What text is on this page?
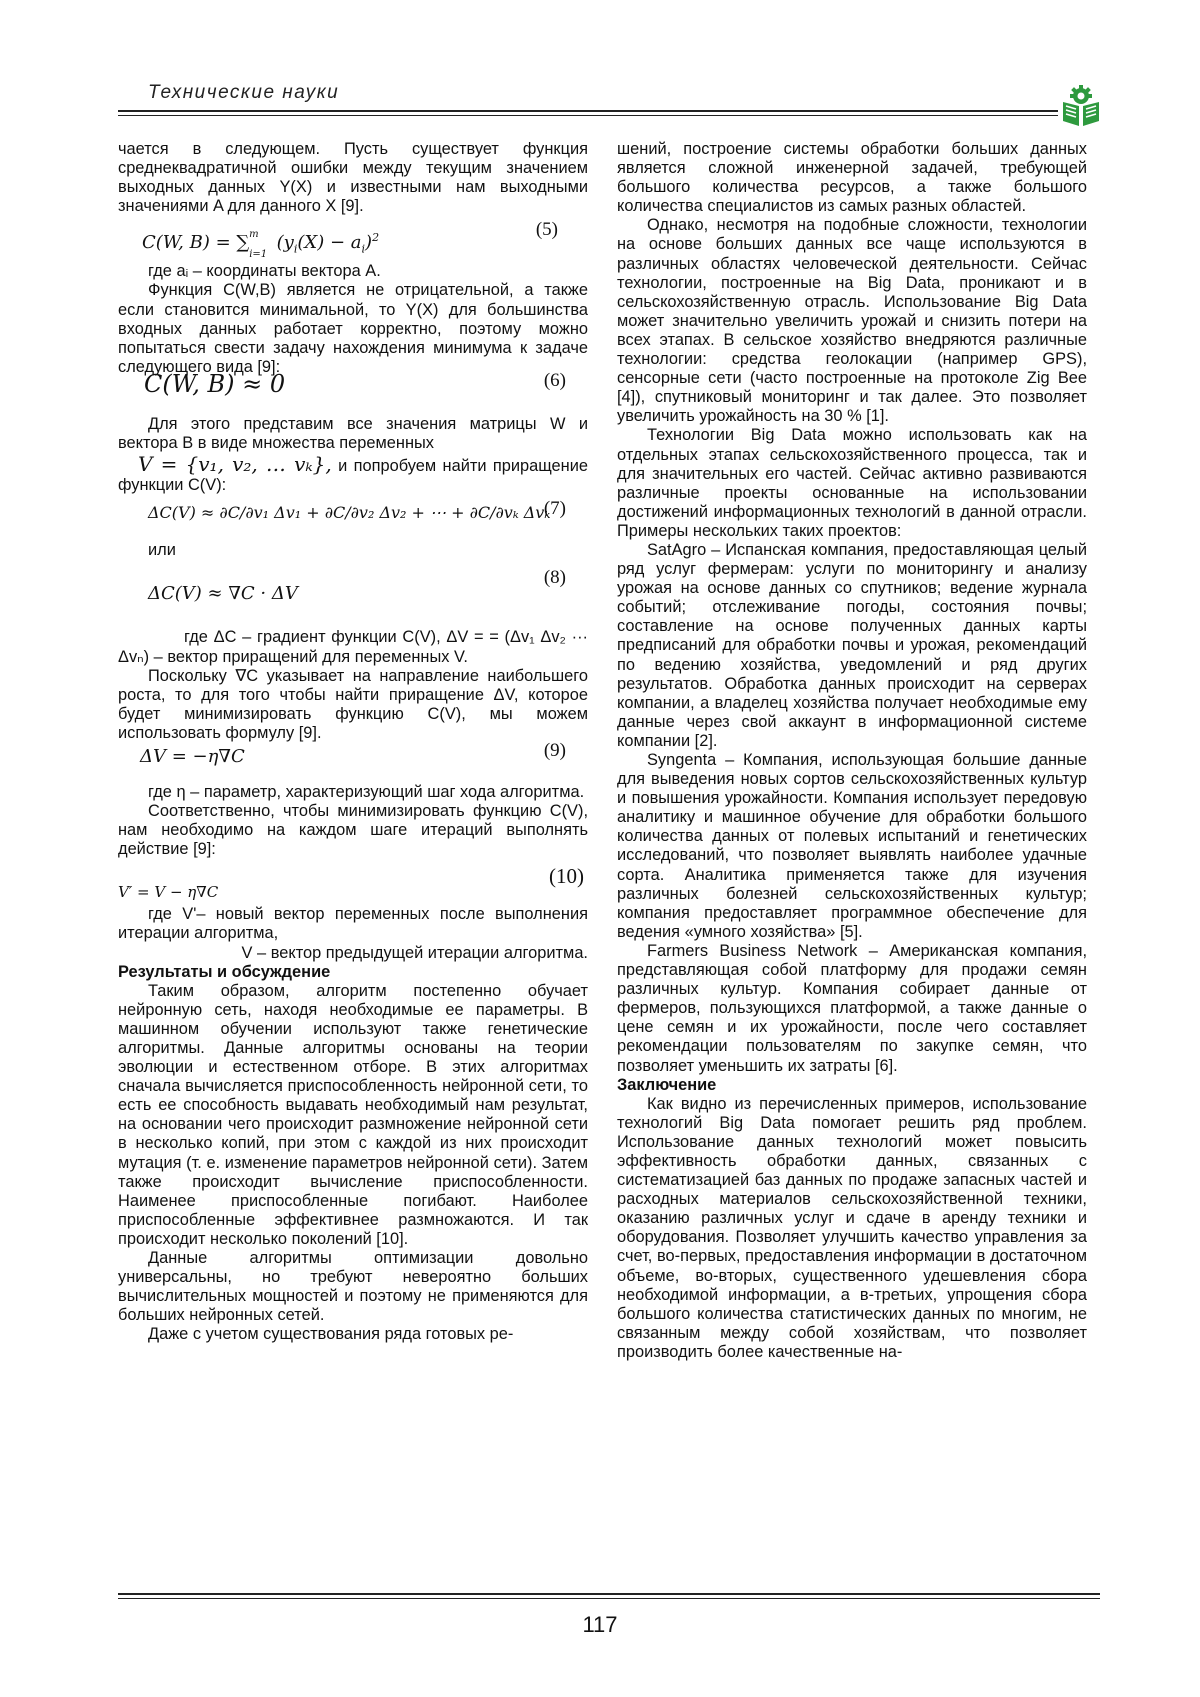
Технические науки

чается в следующем. Пусть существует функция среднеквадратичной ошибки между текущим значением выходных данных Y(X) и известными нам выходными значениями A для данного X [9].

C(W, $B) = \sum_{i=1}^m$ $(y_i(X) - a_i)^2$	(5)

где aᵢ – координаты вектора A.

Функция C(W,B) является не отрицательной, а также если становится минимальной, то Y(X) для большинства входных данных работает корректно, поэтому можно попытаться свести задачу нахождения минимума к задаче следующего вида [9]:

C(W, B) ≈ 0	(6)

Для этого представим все значения матрицы W и вектора B в виде множества переменных

V = {v₁, v₂, … vₖ}, и попробуем найти приращение функции C(V):

ΔC(V) ≈ ∂C/∂v₁ Δv₁ + ∂C/∂v₂ Δv₂ + ⋯ + ∂C/∂vₖ Δvₖ
(7)

или

ΔC(V) ≈ ∇C · ΔV
(8)

где ΔC – градиент функции C(V), ΔV = = (Δv₁ Δv₂ ··· Δvₙ) – вектор приращений для переменных V.

Поскольку ∇C указывает на направление наибольшего роста, то для того чтобы найти приращение ΔV, которое будет минимизировать функцию C(V), мы можем использовать формулу [9].

ΔV = −η∇C	(9)

где η – параметр, характеризующий шаг хода алгоритма.

Соответственно, чтобы минимизировать функцию C(V), нам необходимо на каждом шаге итераций выполнять действие [9]:

V′ = V − η∇C
(10)

где V'– новый вектор переменных после выполнения итерации алгоритма,

V – вектор предыдущей итерации алгоритма.

Результаты и обсуждение

Таким образом, алгоритм постепенно обучает нейронную сеть, находя необходимые ее параметры. В машинном обучении используют также генетические алгоритмы. Данные алгоритмы основаны на теории эволюции и естественном отборе. В этих алгоритмах сначала вычисляется приспособленность нейронной сети, то есть ее способность выдавать необходимый нам результат, на основании чего происходит размножение нейронной сети в несколько копий, при этом с каждой из них происходит мутация (т. е. изменение параметров нейронной сети). Затем также происходит вычисление приспособленности. Наименее приспособленные погибают. Наиболее приспособленные эффективнее размножаются. И так происходит несколько поколений [10].

Данные алгоритмы оптимизации довольно универсальны, но требуют невероятно больших вычислительных мощностей и поэтому не применяются для больших нейронных сетей.

Даже с учетом существования ряда готовых ре-

шений, построение системы обработки больших данных является сложной инженерной задачей, требующей большого количества ресурсов, а также большого количества специалистов из самых разных областей.

Однако, несмотря на подобные сложности, технологии на основе больших данных все чаще используются в различных областях человеческой деятельности. Сейчас технологии, построенные на Big Data, проникают и в сельскохозяйственную отрасль. Использование Big Data может значительно увеличить урожай и снизить потери на всех этапах. В сельское хозяйство внедряются различные технологии: средства геолокации (например GPS), сенсорные сети (часто построенные на протоколе Zig Bee [4]), спутниковый мониторинг и так далее. Это позволяет увеличить урожайность на 30 % [1].

Технологии Big Data можно использовать как на отдельных этапах сельскохозяйственного процесса, так и для значительных его частей. Сейчас активно развиваются различные проекты основанные на использовании достижений информационных технологий в данной отрасли. Примеры нескольких таких проектов:

SatAgro – Испанская компания, предоставляющая целый ряд услуг фермерам: услуги по мониторингу и анализу урожая на основе данных со спутников; ведение журнала событий; отслеживание погоды, состояния почвы; составление на основе полученных данных карты предписаний для обработки почвы и урожая, рекомендаций по ведению хозяйства, уведомлений и ряд других результатов. Обработка данных происходит на серверах компании, а владелец хозяйства получает необходимые ему данные через свой аккаунт в информационной системе компании [2].

Syngenta – Компания, использующая большие данные для выведения новых сортов сельскохозяйственных культур и повышения урожайности. Компания использует передовую аналитику и машинное обучение для обработки большого количества данных от полевых испытаний и генетических исследований, что позволяет выявлять наиболее удачные сорта. Аналитика применяется также для изучения различных болезней сельскохозяйственных культур; компания предоставляет программное обеспечение для ведения «умного хозяйства» [5].

Farmers Business Network – Американская компания, представляющая собой платформу для продажи семян различных культур. Компания собирает данные от фермеров, пользующихся платформой, а также данные о цене семян и их урожайности, после чего составляет рекомендации пользователям по закупке семян, что позволяет уменьшить их затраты [6].

Заключение

Как видно из перечисленных примеров, использование технологий Big Data помогает решить ряд проблем. Использование данных технологий может повысить эффективность обработки данных, связанных с систематизацией баз данных по продаже запасных частей и расходных материалов сельскохозяйственной техники, оказанию различных услуг и сдаче в аренду техники и оборудования. Позволяет улучшить качество управления за счет, во-первых, предоставления информации в достаточном объеме, во-вторых, существенного удешевления сбора необходимой информации, а в-третьих, упрощения сбора большого количества статистических данных по многим, не связанным между собой хозяйствам, что позволяет производить более качественные на-

117
